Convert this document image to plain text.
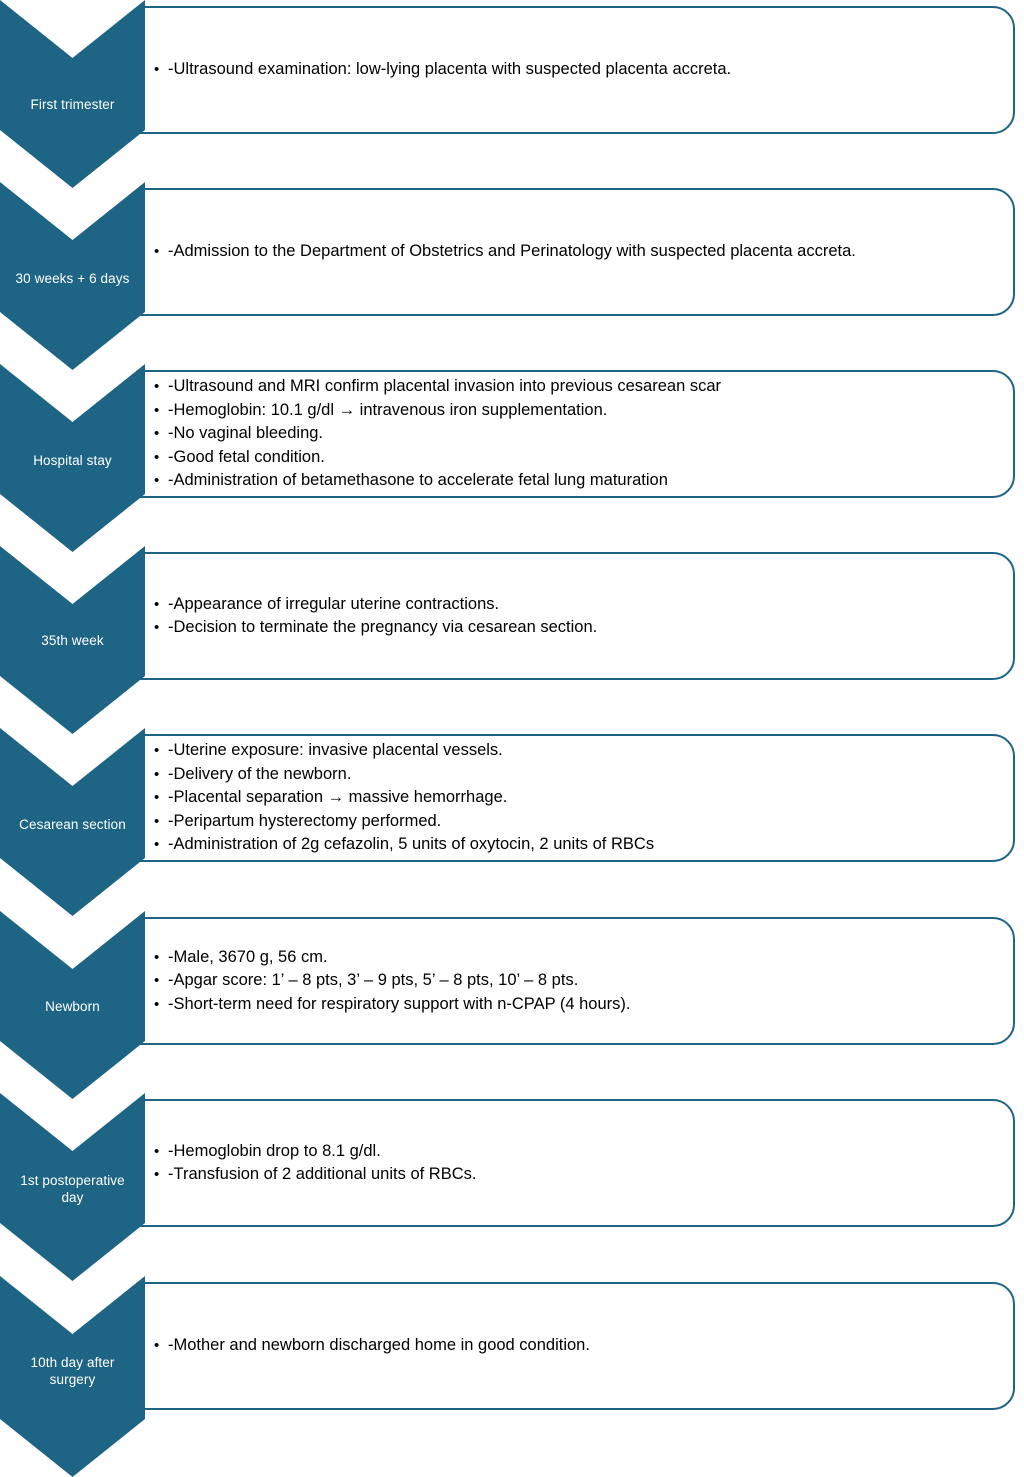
First trimester
• -Ultrasound examination: low-lying placenta with suspected placenta accreta.
30 weeks + 6 days
• -Admission to the Department of Obstetrics and Perinatology with suspected placenta accreta.
Hospital stay
• -Ultrasound and MRI confirm placental invasion into previous cesarean scar
• -Hemoglobin: 10.1 g/dl → intravenous iron supplementation.
• -No vaginal bleeding.
• -Good fetal condition.
• -Administration of betamethasone to accelerate fetal lung maturation
35th week
• -Appearance of irregular uterine contractions.
• -Decision to terminate the pregnancy via cesarean section.
Cesarean section
• -Uterine exposure: invasive placental vessels.
• -Delivery of the newborn.
• -Placental separation → massive hemorrhage.
• -Peripartum hysterectomy performed.
• -Administration of 2g cefazolin, 5 units of oxytocin, 2 units of RBCs
Newborn
• -Male, 3670 g, 56 cm.
• -Apgar score: 1’ – 8 pts, 3’ – 9 pts, 5’ – 8 pts, 10’ – 8 pts.
• -Short-term need for respiratory support with n-CPAP (4 hours).
1st postoperative
day
• -Hemoglobin drop to 8.1 g/dl.
• -Transfusion of 2 additional units of RBCs.
10th day after
surgery
• -Mother and newborn discharged home in good condition.
